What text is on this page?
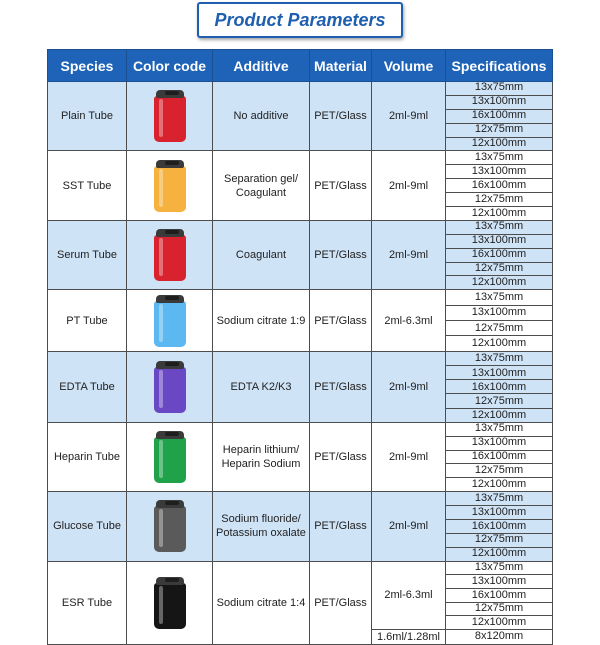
Product Parameters
Species	Color code	Additive	Material	Volume	Specifications
Plain Tube		No additive	PET/Glass	2ml-9ml	13x75mm
					13x100mm
					16x100mm
					12x75mm
					12x100mm
SST Tube		Separation gel/ Coagulant	PET/Glass	2ml-9ml	13x75mm
					13x100mm
					16x100mm
					12x75mm
					12x100mm
Serum Tube		Coagulant	PET/Glass	2ml-9ml	13x75mm
					13x100mm
					16x100mm
					12x75mm
					12x100mm
PT Tube		Sodium citrate 1:9	PET/Glass	2ml-6.3ml	13x75mm
					13x100mm
					12x75mm
					12x100mm
EDTA Tube		EDTA K2/K3	PET/Glass	2ml-9ml	13x75mm
					13x100mm
					16x100mm
					12x75mm
					12x100mm
Heparin Tube		Heparin lithium/ Heparin Sodium	PET/Glass	2ml-9ml	13x75mm
					13x100mm
					16x100mm
					12x75mm
					12x100mm
Glucose Tube		Sodium fluoride/ Potassium oxalate	PET/Glass	2ml-9ml	13x75mm
					13x100mm
					16x100mm
					12x75mm
					12x100mm
ESR Tube		Sodium citrate 1:4	PET/Glass	2ml-6.3ml	13x75mm
					13x100mm
					16x100mm
					12x75mm
					12x100mm
				1.6ml/1.28ml	8x120mm
